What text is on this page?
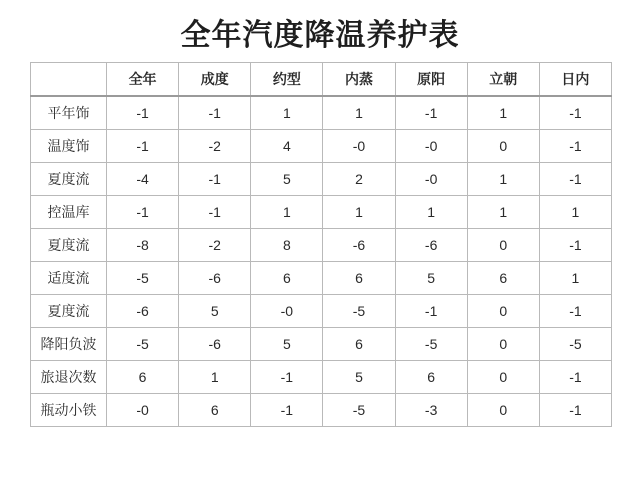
全年汽度降温养护表
	全年	成度	约型	内蒸	原阳	立朝	日内
平年饰	-1	-1	1	1	-1	1	-1
温度饰	-1	-2	4	-0	-0	0	-1
夏度流	-4	-1	5	2	-0	1	-1
控温库	-1	-1	1	1	1	1	1
夏度流	-8	-2	8	-6	-6	0	-1
适度流	-5	-6	6	6	5	6	1
夏度流	-6	5	-0	-5	-1	0	-1
降阳负波	-5	-6	5	6	-5	0	-5
旅退次数	6	1	-1	5	6	0	-1
瓶动小铁	-0	6	-1	-5	-3	0	-1
